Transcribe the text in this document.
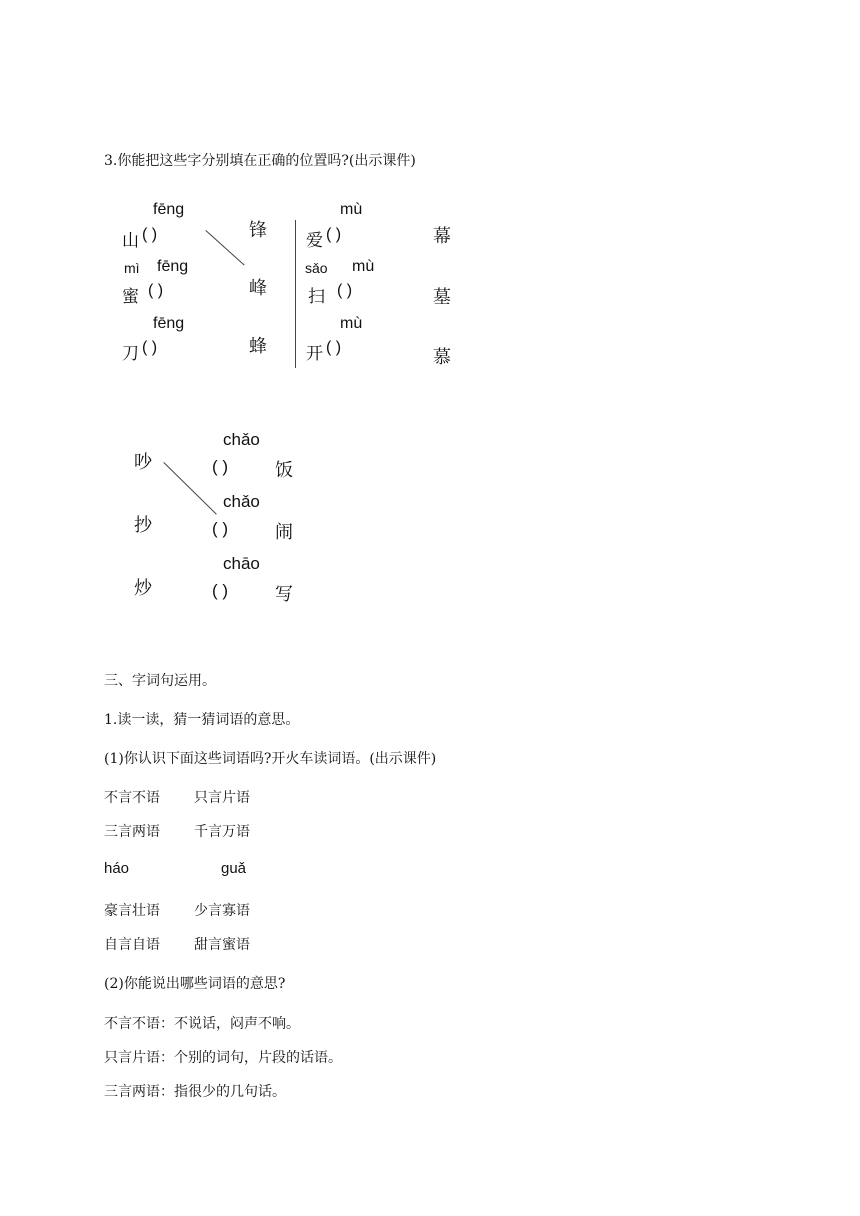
3.你能把这些字分别填在正确的位置吗?(出示课件)
fēng
山 ( )	锋
mì fēng
蜜 ( )	峰
fēng
刀 ( )	蜂
mù
爱 ( )	幕
sǎo mù
扫 ( )	墓
mù
开 ( )	慕
吵
chǎo
( )	饭
抄
chǎo
( )	闹
炒
chāo
( )	写
三、字词句运用。
1.读一读，猜一猜词语的意思。
(1)你认识下面这些词语吗?开火车读词语。(出示课件)
不言不语 只言片语
三言两语 千言万语
háo	guǎ
豪言壮语 少言寡语
自言自语 甜言蜜语
(2)你能说出哪些词语的意思?
不言不语：不说话，闷声不响。
只言片语：个别的词句，片段的话语。
三言两语：指很少的几句话。
